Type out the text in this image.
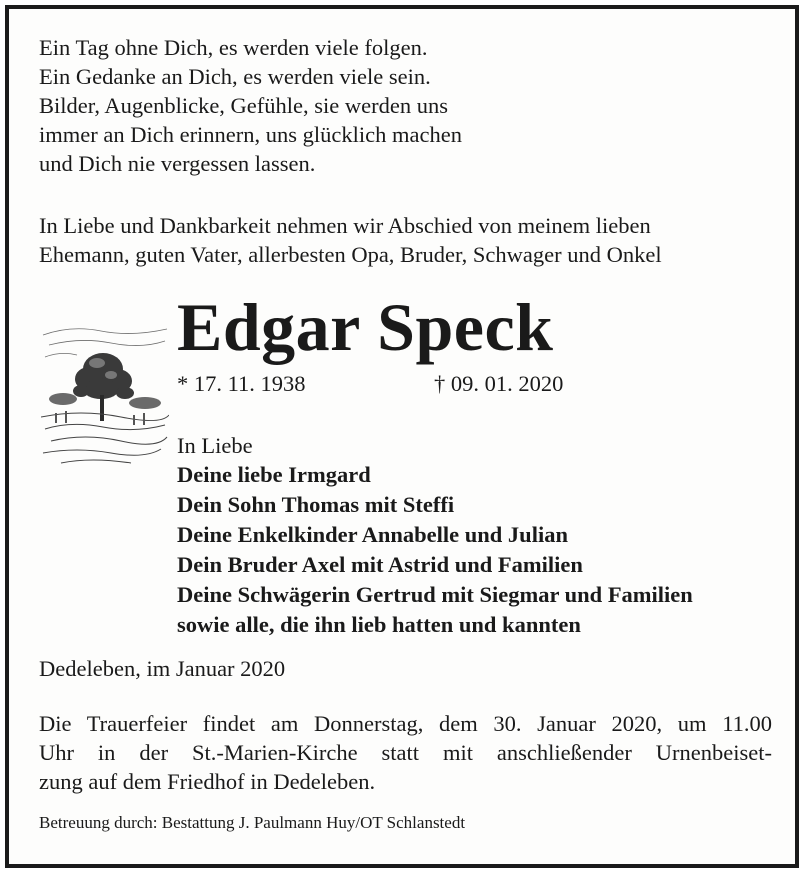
Ein Tag ohne Dich, es werden viele folgen.
Ein Gedanke an Dich, es werden viele sein.
Bilder, Augenblicke, Gefühle, sie werden uns
immer an Dich erinnern, uns glücklich machen
und Dich nie vergessen lassen.
In Liebe und Dankbarkeit nehmen wir Abschied von meinem lieben
Ehemann, guten Vater, allerbesten Opa, Bruder, Schwager und Onkel
Edgar Speck
* 17. 11. 1938	† 09. 01. 2020
In Liebe
Deine liebe Irmgard
Dein Sohn Thomas mit Steffi
Deine Enkelkinder Annabelle und Julian
Dein Bruder Axel mit Astrid und Familien
Deine Schwägerin Gertrud mit Siegmar und Familien
sowie alle, die ihn lieb hatten und kannten
Dedeleben, im Januar 2020
Die Trauerfeier findet am Donnerstag, dem 30. Januar 2020, um 11.00
Uhr in der St.-Marien-Kirche statt mit anschließender Urnenbeiset-
zung auf dem Friedhof in Dedeleben.
Betreuung durch: Bestattung J. Paulmann Huy/OT Schlanstedt
